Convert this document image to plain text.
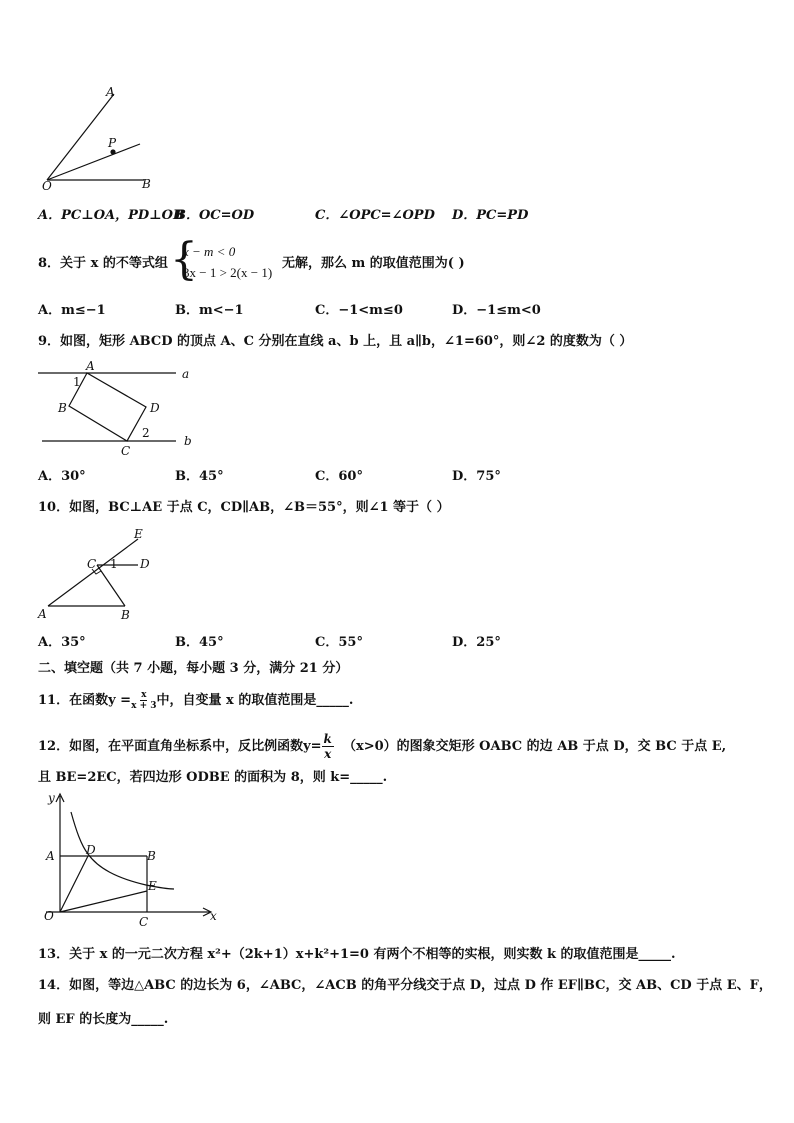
A
P
O	B
A．PC⊥OA，PD⊥OB
B．OC=OD	C．∠OPC=∠OPD D．PC=PD
8．关于 x 的不等式组 {
x − m < 0
3x − 1 > 2(x − 1)
无解，那么 m 的取值范围为( )
A．m≤−1	B．m<−1	C．−1<m≤0	D．−1≤m<0
9．如图，矩形 ABCD 的顶点 A、C 分别在直线 a、b 上，且 a∥b，∠1=60°，则∠2 的度数为（ ）
A
B
C
D
a
b
1
2
A．30°	B．45°	C．60°	D．75°
10．如图，BC⊥AE 于点 C，CD∥AB，∠B＝55°，则∠1 等于（ ）
E
C	D
A	B
1
A．35°	B．45°	C．55°	D．25°
二、填空题（共 7 小题，每小题 3 分，满分 21 分）
11．在函数$y = \frac{x}{x + 3}$ 中，自变量 x 的取值范围是_____.
12．如图，在平面直角坐标系中，反比例函数$y= \frac{k}{x} (x>0)$的图象交矩形 OABC 的边 AB 于点 D，交 BC 于点 E,
且 BE=2EC，若四边形 ODBE 的面积为 8，则 k=_____.
y
x
A	D	B
E
O	C
13．关于 x 的一元二次方程 x²+（2k+1）x+k²+1=0 有两个不相等的实根，则实数 k 的取值范围是_____.
14．如图，等边△ABC 的边长为 6，∠ABC，∠ACB 的角平分线交于点 D，过点 D 作 EF∥BC，交 AB、CD 于点 E、F，
则 EF 的长度为_____.
